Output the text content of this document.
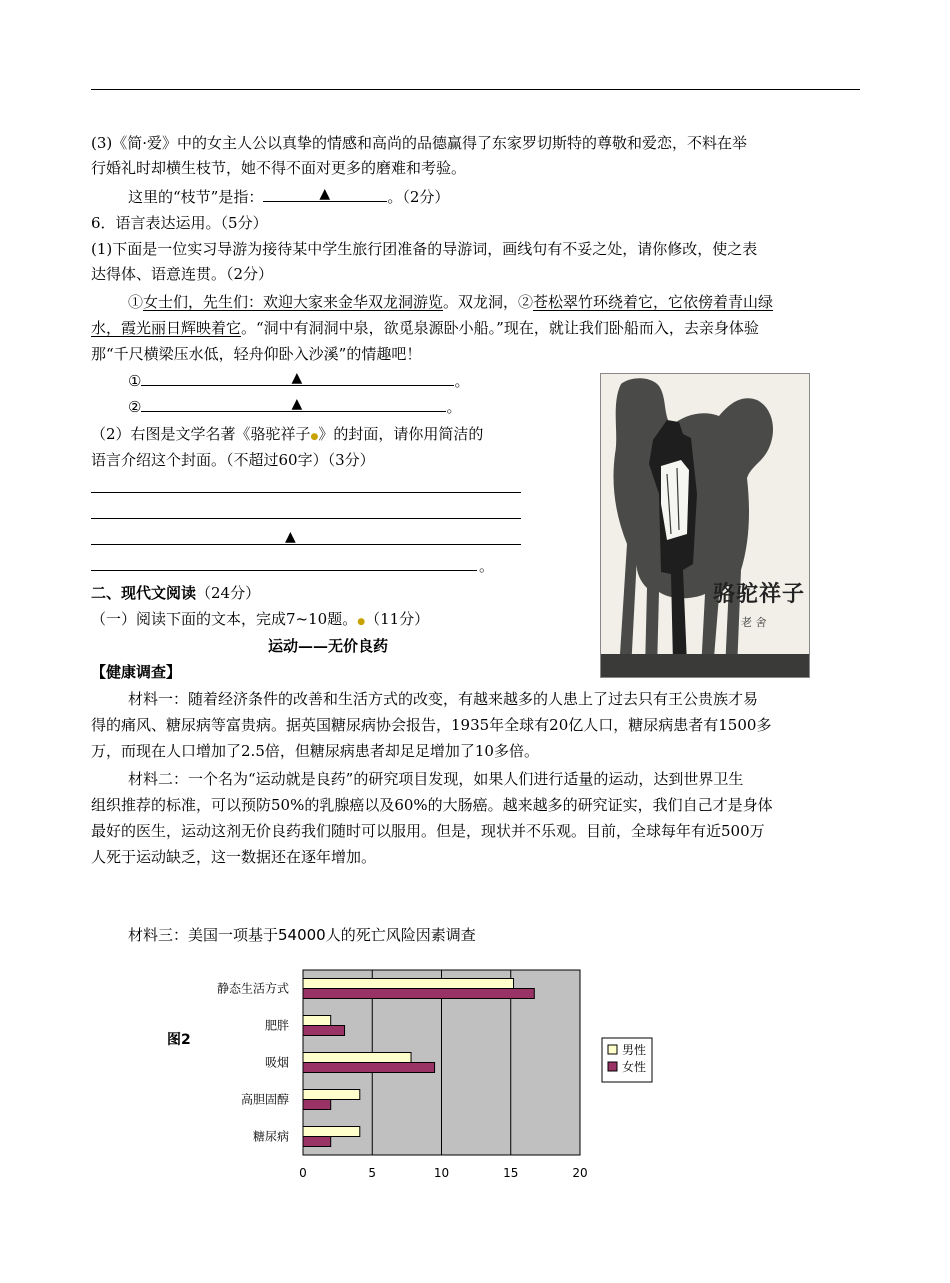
(3)《简·爱》中的女主人公以真挚的情感和高尚的品德赢得了东家罗切斯特的尊敬和爱恋，不料在举
行婚礼时却横生枝节，她不得不面对更多的磨难和考验。
这里的“枝节”是指：	▲	。（2分）
6．语言表达运用。（5分）
(1)下面是一位实习导游为接待某中学生旅行团准备的导游词，画线句有不妥之处，请你修改，使之表
达得体、语意连贯。（2分）
①女士们，先生们：欢迎大家来金华双龙洞游览。双龙洞，②苍松翠竹环绕着它，它依傍着青山绿
水，霞光丽日辉映着它。“洞中有洞洞中泉，欲觅泉源卧小船。”现在，就让我们卧船而入，去亲身体验
那“千尺横梁压水低，轻舟仰卧入沙溪”的情趣吧！
①	▲	。
②	▲	。
（2）右图是文学名著《骆驼祥子●》的封面，请你用简洁的
语言介绍这个封面。（不超过60字）（3分）
▲
。
骆驼祥子
老 舍
二、现代文阅读（24分）
（一）阅读下面的文本，完成7~10题。●（11分）
运动——无价良药
【健康调查】
材料一：随着经济条件的改善和生活方式的改变，有越来越多的人患上了过去只有王公贵族才易
得的痛风、糖尿病等富贵病。据英国糖尿病协会报告，1935年全球有20亿人口，糖尿病患者有1500多
万，而现在人口增加了2.5倍，但糖尿病患者却足足增加了10多倍。
材料二：一个名为“运动就是良药”的研究项目发现，如果人们进行适量的运动，达到世界卫生
组织推荐的标准，可以预防50%的乳腺癌以及60%的大肠癌。越来越多的研究证实，我们自己才是身体
最好的医生，运动这剂无价良药我们随时可以服用。但是，现状并不乐观。目前，全球每年有近500万
人死于运动缺乏，这一数据还在逐年增加。
材料三：美国一项基于54000人的死亡风险因素调查
图2
0	5	10	15	20
静态生活方式
肥胖
吸烟
高胆固醇
糖尿病
男性
女性
